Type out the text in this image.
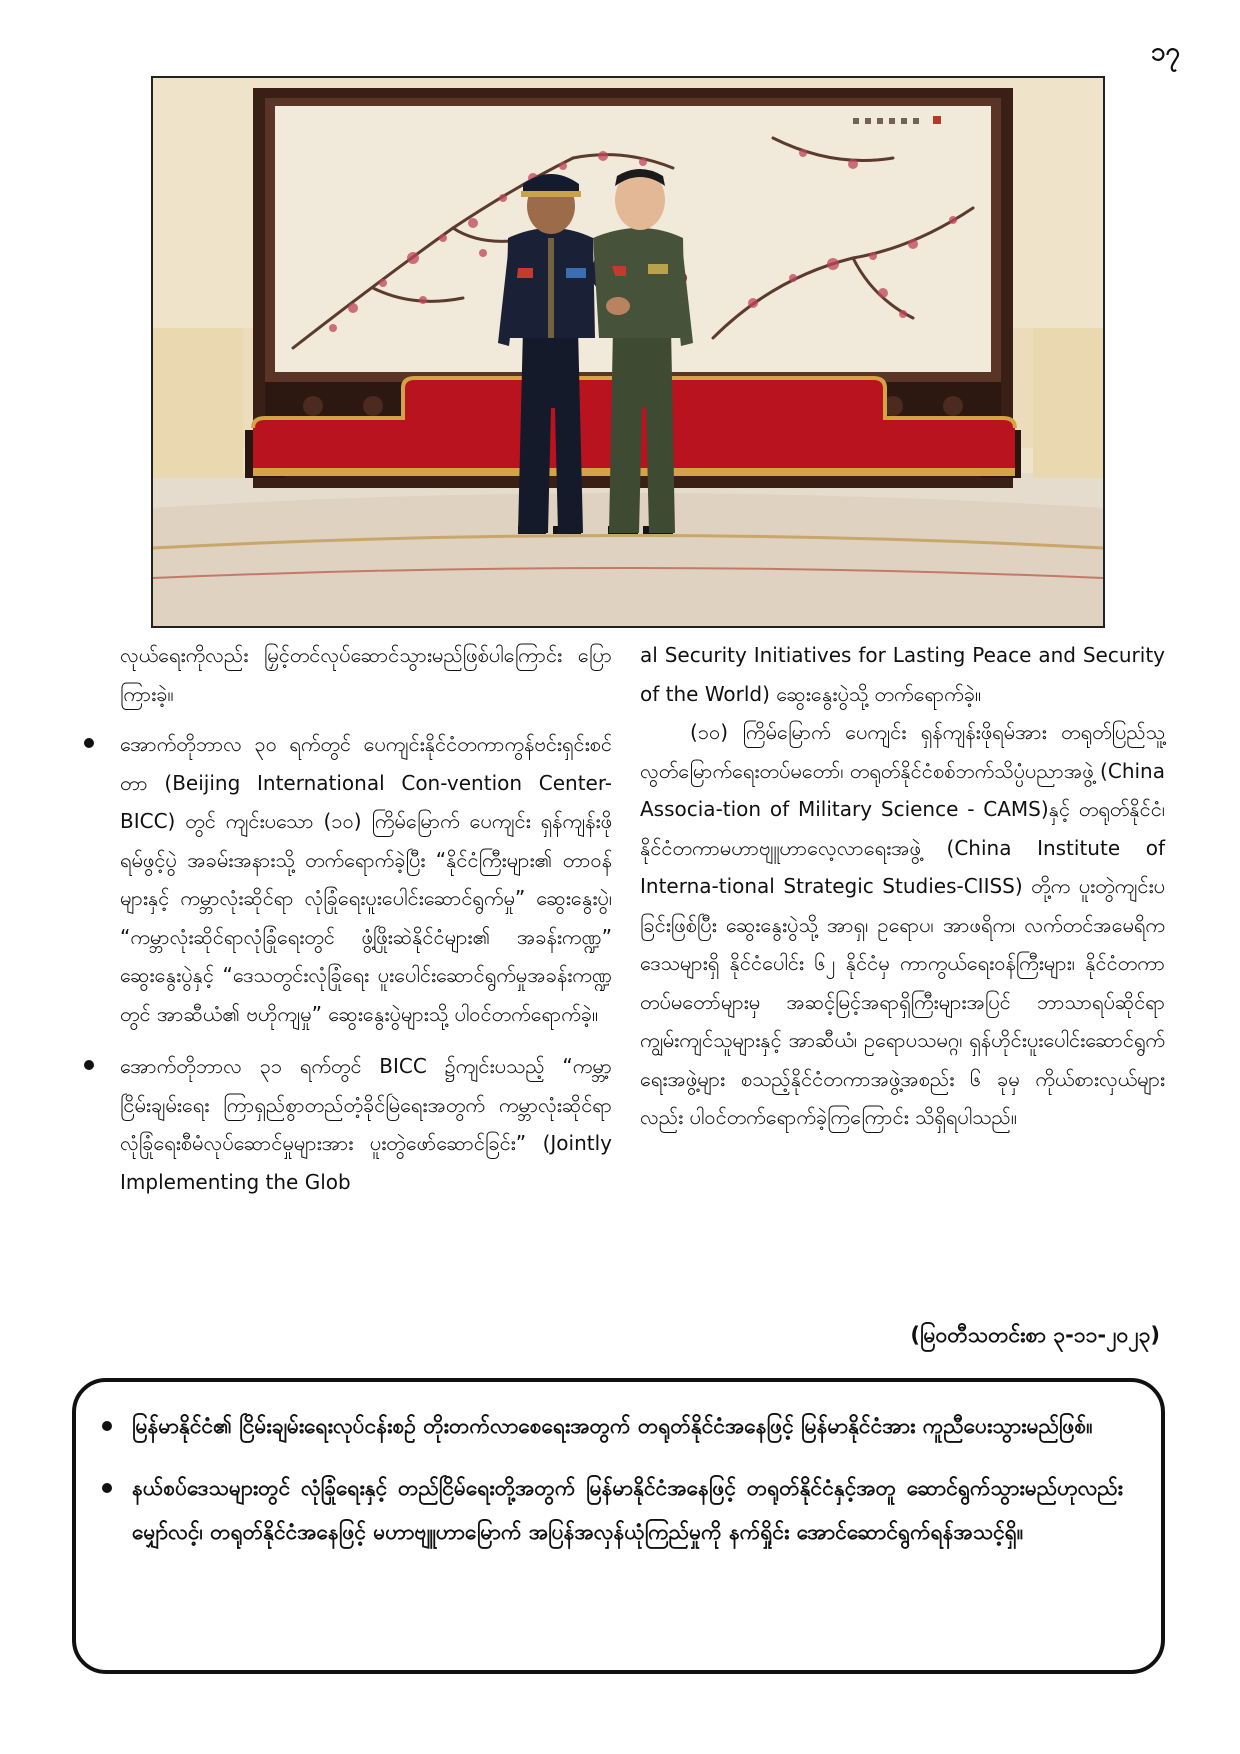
၁၇

လုယ်ရေးကိုလည်း မြှင့်တင်လုပ်ဆောင်သွားမည်ဖြစ်ပါကြောင်း ပြောကြားခဲ့။

အောက်တိုဘာလ ၃၀ ရက်တွင် ပေကျင်းနိုင်ငံတကာကွန်ဗင်းရှင်းစင်တာ (Beijing International Con-vention Center- BICC) တွင် ကျင်းပသော (၁၀) ကြိမ်မြောက် ပေကျင်း ရှန်ကျန်းဖိုရမ်ဖွင့်ပွဲ အခမ်းအနားသို့ တက်ရောက်ခဲ့ပြီး “နိုင်ငံကြီးများ၏ တာဝန်များနှင့် ကမ္ဘာလုံးဆိုင်ရာ လုံခြုံရေးပူးပေါင်းဆောင်ရွက်မှု” ဆွေးနွေးပွဲ၊ “ကမ္ဘာလုံးဆိုင်ရာလုံခြုံရေးတွင် ဖွံ့ဖြိုးဆဲနိုင်ငံများ၏ အခန်းကဏ္ဍ” ဆွေးနွေးပွဲနှင့် “ဒေသတွင်းလုံခြုံရေး ပူးပေါင်းဆောင်ရွက်မှုအခန်းကဏ္ဍတွင် အာဆီယံ၏ ဗဟိုကျမှု” ဆွေးနွေးပွဲများသို့ ပါဝင်တက်ရောက်ခဲ့။
အောက်တိုဘာလ ၃၁ ရက်တွင် BICC ၌ကျင်းပသည့် “ကမ္ဘာ့ငြိမ်းချမ်းရေး ကြာရှည်စွာတည်တံ့ခိုင်မြဲရေးအတွက် ကမ္ဘာလုံးဆိုင်ရာ လုံခြုံရေးစီမံလုပ်ဆောင်မှုများအား ပူးတွဲဖော်ဆောင်ခြင်း” (Jointly Implementing the Glob

al Security Initiatives for Lasting Peace and Security of the World) ဆွေးနွေးပွဲသို့ တက်ရောက်ခဲ့။

(၁၀) ကြိမ်မြောက် ပေကျင်း ရှန်ကျန်းဖိုရမ်အား တရုတ်ပြည်သူ့လွတ်မြောက်ရေးတပ်မတော်၊ တရုတ်နိုင်ငံစစ်ဘက်သိပ္ပံပညာအဖွဲ့ (China Associa-tion of Military Science - CAMS)နှင့် တရုတ်နိုင်ငံ၊ နိုင်ငံတကာမဟာဗျူဟာလေ့လာရေးအဖွဲ့ (China Institute of Interna-tional Strategic Studies-CIISS) တို့က ပူးတွဲကျင်းပခြင်းဖြစ်ပြီး ဆွေးနွေးပွဲသို့ အာရှ၊ ဥရောပ၊ အာဖရိက၊ လက်တင်အမေရိကဒေသများရှိ နိုင်ငံပေါင်း ၆၂ နိုင်ငံမှ ကာကွယ်ရေးဝန်ကြီးများ၊ နိုင်ငံတကာတပ်မတော်များမှ အဆင့်မြင့်အရာရှိကြီးများအပြင် ဘာသာရပ်ဆိုင်ရာကျွမ်းကျင်သူများနှင့် အာဆီယံ၊ ဥရောပသမဂ္ဂ၊ ရှန်ဟိုင်းပူးပေါင်းဆောင်ရွက်ရေးအဖွဲ့များ စသည့်နိုင်ငံတကာအဖွဲ့အစည်း ၆ ခုမှ ကိုယ်စားလှယ်များလည်း ပါဝင်တက်ရောက်ခဲ့ကြကြောင်း သိရှိရပါသည်။

(မြဝတီသတင်းစာ ၃-၁၁-၂၀၂၃)
မြန်မာနိုင်ငံ၏ ငြိမ်းချမ်းရေးလုပ်ငန်းစဉ် တိုးတက်လာစေရေးအတွက် တရုတ်နိုင်ငံအနေဖြင့် မြန်မာနိုင်ငံအား ကူညီပေးသွားမည်ဖြစ်။
နယ်စပ်ဒေသများတွင် လုံခြုံရေးနှင့် တည်ငြိမ်ရေးတို့အတွက် မြန်မာနိုင်ငံအနေဖြင့် တရုတ်နိုင်ငံနှင့်အတူ ဆောင်ရွက်သွားမည်ဟုလည်း မျှော်လင့်၊ တရုတ်နိုင်ငံအနေဖြင့် မဟာဗျူဟာမြောက် အပြန်အလှန်ယုံကြည်မှုကို နက်ရှိုင်း အောင်ဆောင်ရွက်ရန်အသင့်ရှိ။
